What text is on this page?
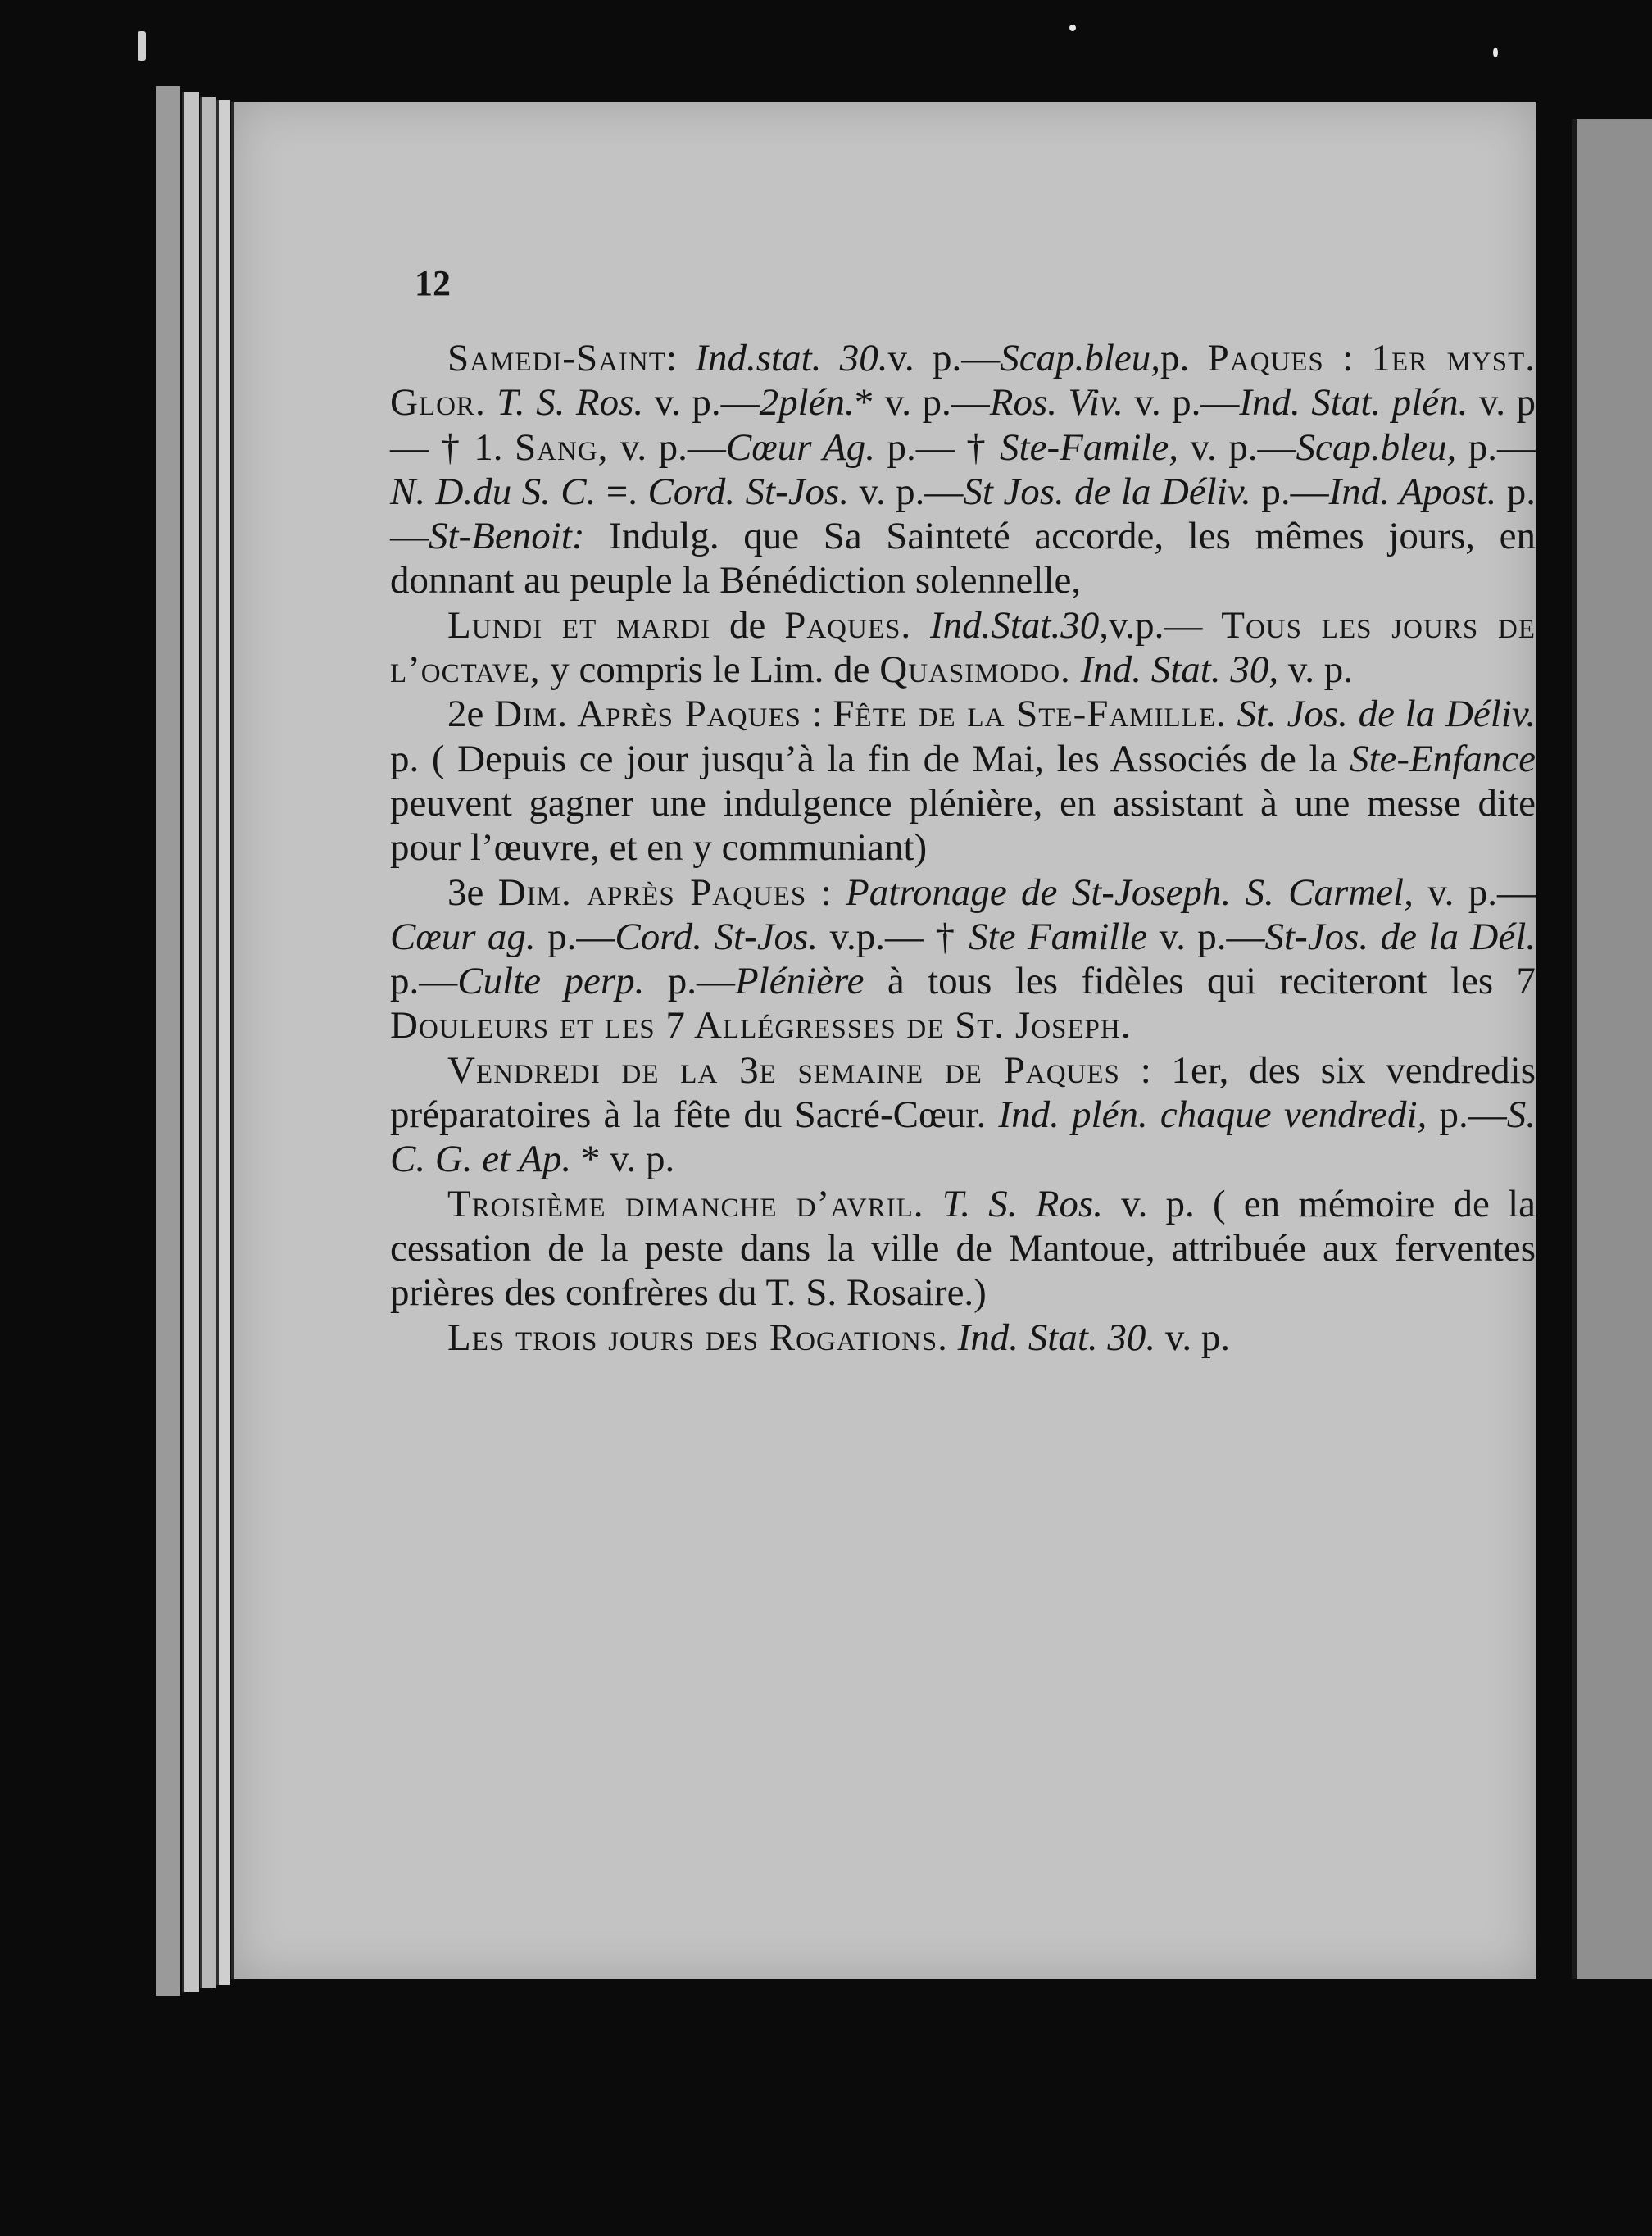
12

Samedi-Saint: Ind.stat. 30.v. p.—Scap.bleu,p. Paques : 1er myst. Glor. T. S. Ros. v. p.—2plén.* v. p.—Ros. Viv. v. p.—Ind. Stat. plén. v. p— † 1. Sang, v. p.—Cœur Ag. p.— † Ste-Famile, v. p.—Scap.bleu, p.—N. D.du S. C. =. Cord. St-Jos. v. p.—St Jos. de la Déliv. p.—Ind. Apost. p.—St-Benoit: Indulg. que Sa Sainteté accorde, les mêmes jours, en donnant au peuple la Bénédiction solennelle,

Lundi et mardi de Paques. Ind.Stat.30,v.p.— Tous les jours de l’octave, y compris le Lim. de Quasimodo. Ind. Stat. 30, v. p.

2e Dim. Après Paques : Fête de la Ste-Famille. St. Jos. de la Déliv. p. ( Depuis ce jour jusqu’à la fin de Mai, les Associés de la Ste-Enfance peuvent gagner une indulgence plénière, en assistant à une messe dite pour l’œuvre, et en y communiant)

3e Dim. après Paques : Patronage de St-Joseph. S. Carmel, v. p.—Cœur ag. p.—Cord. St-Jos. v.p.— † Ste Famille v. p.—St-Jos. de la Dél. p.—Culte perp. p.—Plénière à tous les fidèles qui reciteront les 7 Douleurs et les 7 Allégresses de St. Joseph.

Vendredi de la 3e semaine de Paques : 1er, des six vendredis préparatoires à la fête du Sacré-Cœur. Ind. plén. chaque vendredi, p.—S. C. G. et Ap. * v. p.

Troisième dimanche d’avril. T. S. Ros. v. p. ( en mémoire de la cessation de la peste dans la ville de Mantoue, attribuée aux ferventes prières des confrères du T. S. Rosaire.)

Les trois jours des Rogations. Ind. Stat. 30. v. p.
